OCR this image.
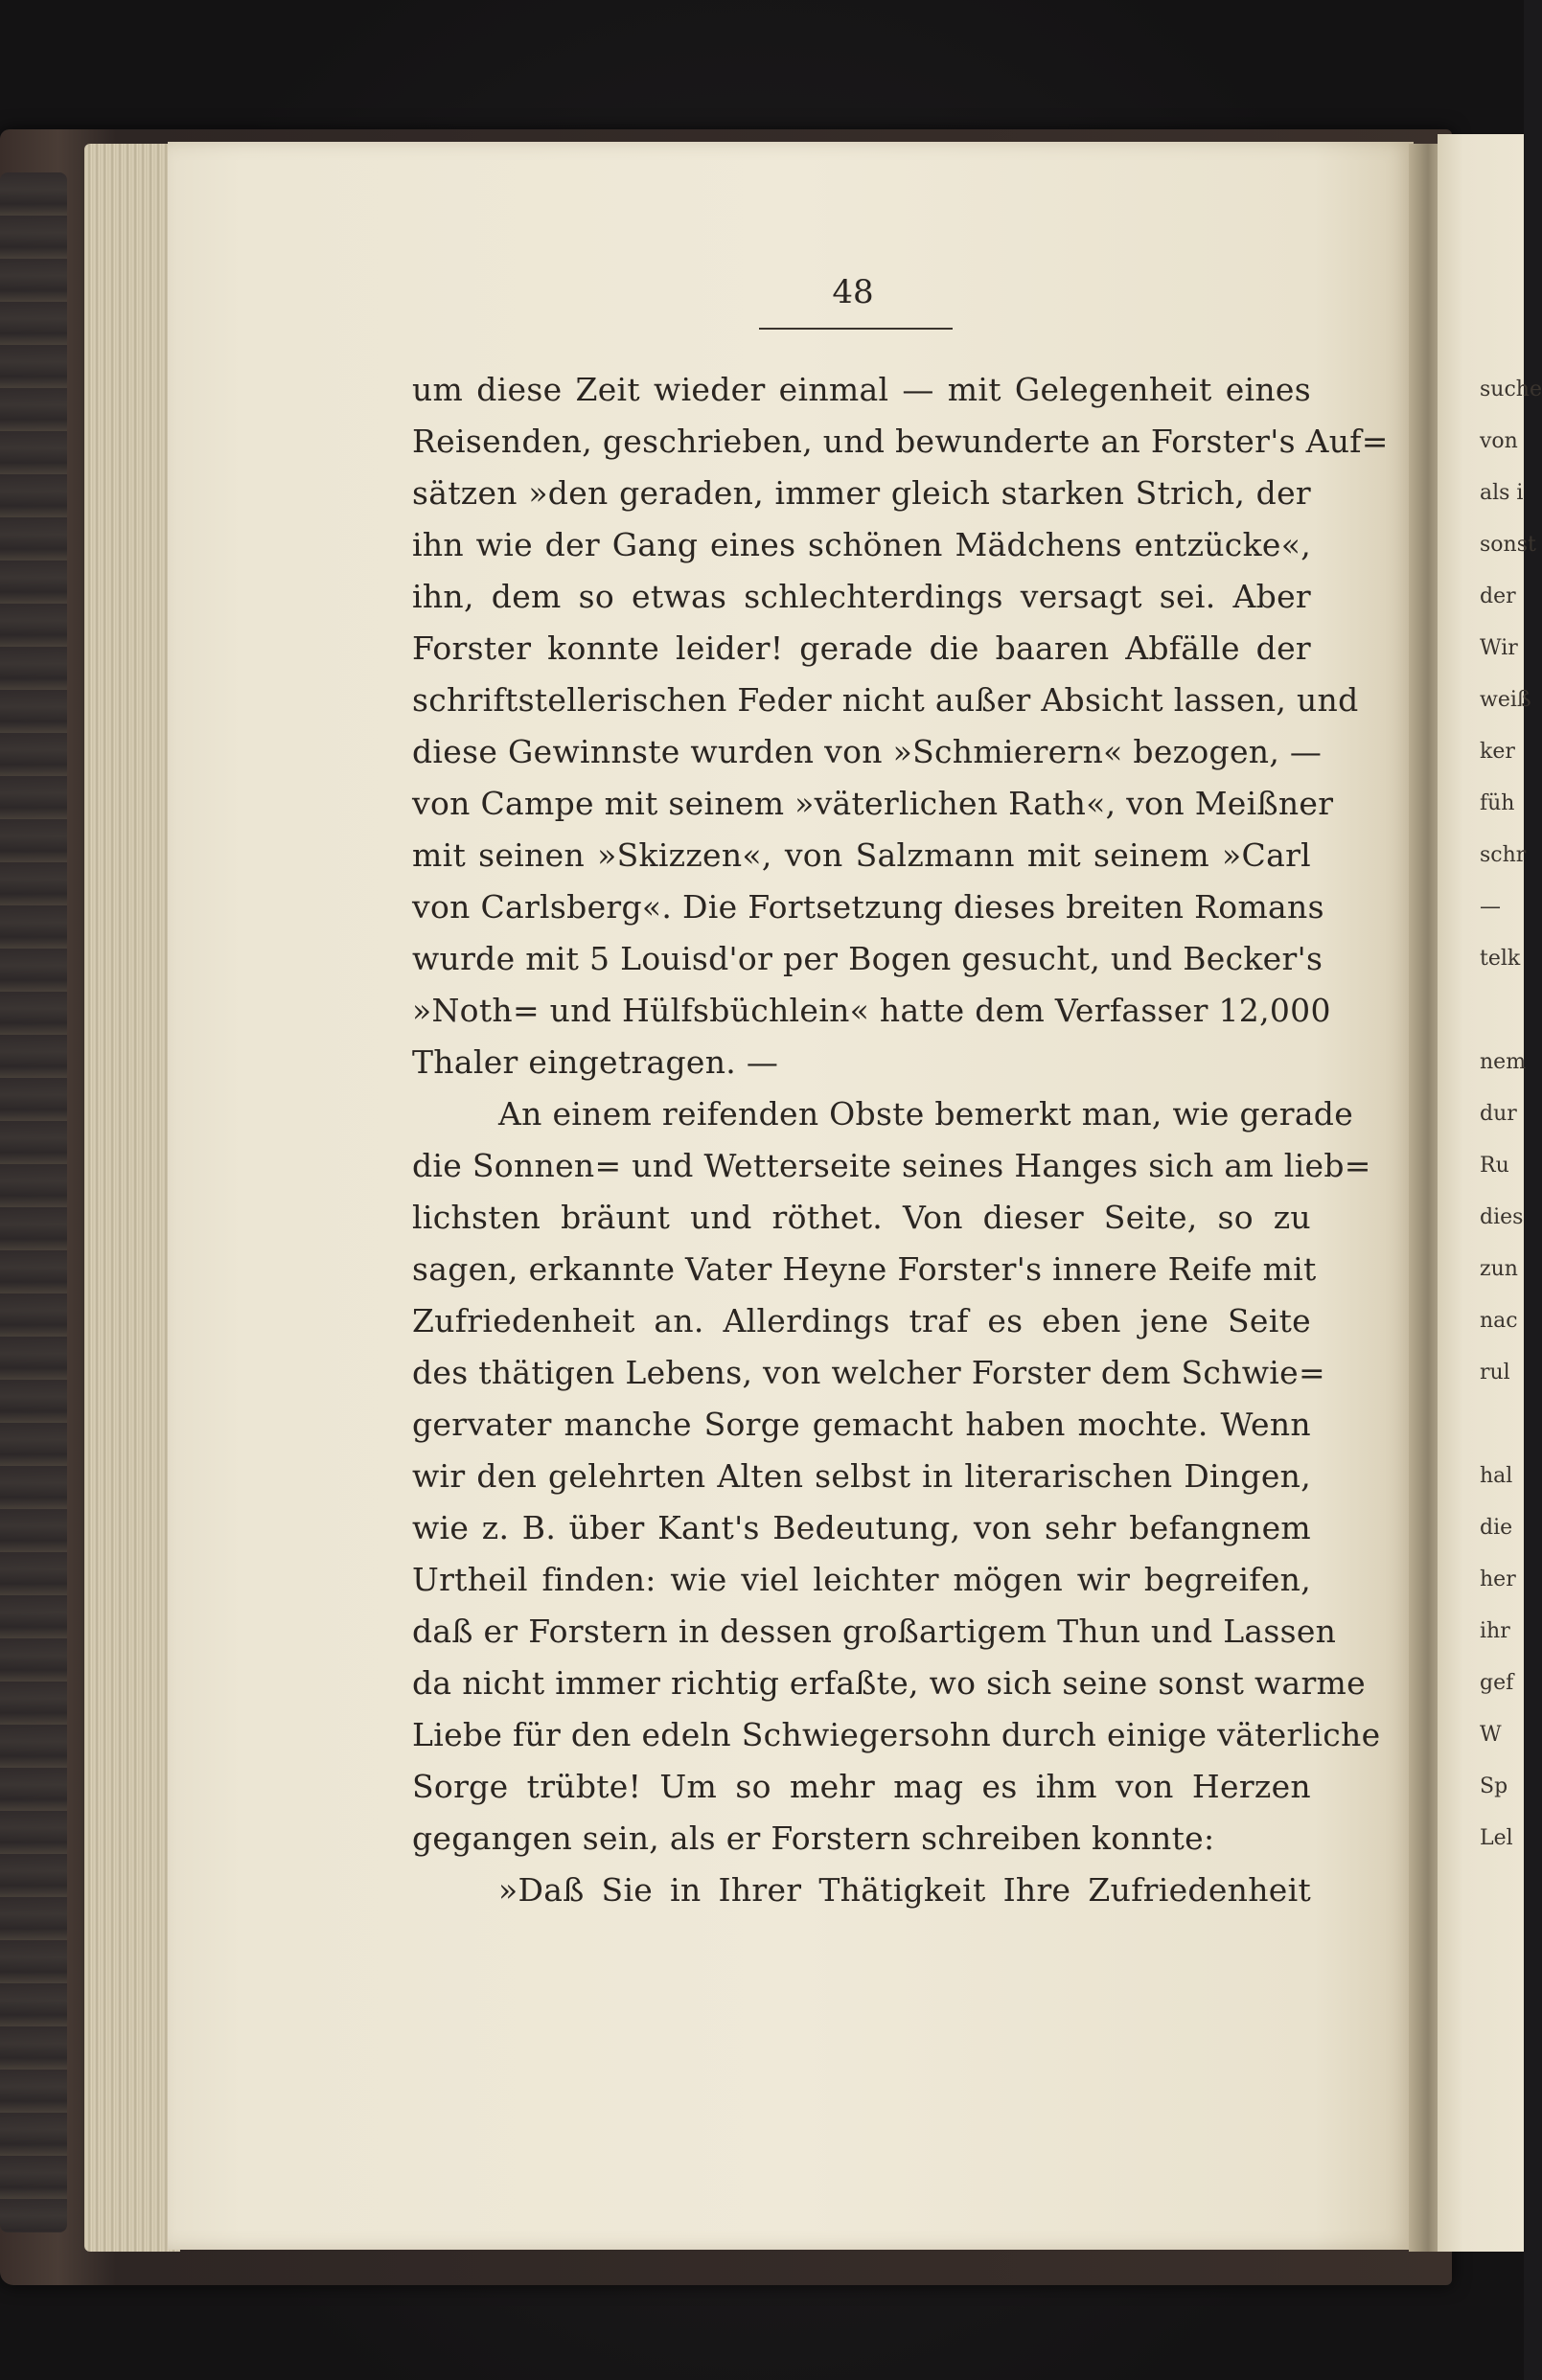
48
um diese Zeit wieder einmal — mit Gelegenheit eines
Reisenden, geschrieben, und bewunderte an Forster's Auf=
sätzen »den geraden, immer gleich starken Strich, der
ihn wie der Gang eines schönen Mädchens entzücke«,
ihn, dem so etwas schlechterdings versagt sei. Aber
Forster konnte leider! gerade die baaren Abfälle der
schriftstellerischen Feder nicht außer Absicht lassen, und
diese Gewinnste wurden von »Schmierern« bezogen, —
von Campe mit seinem »väterlichen Rath«, von Meißner
mit seinen »Skizzen«, von Salzmann mit seinem »Carl
von Carlsberg«. Die Fortsetzung dieses breiten Romans
wurde mit 5 Louisd'or per Bogen gesucht, und Becker's
»Noth= und Hülfsbüchlein« hatte dem Verfasser 12,000
Thaler eingetragen. —
An einem reifenden Obste bemerkt man, wie gerade
die Sonnen= und Wetterseite seines Hanges sich am lieb=
lichsten bräunt und röthet. Von dieser Seite, so zu
sagen, erkannte Vater Heyne Forster's innere Reife mit
Zufriedenheit an. Allerdings traf es eben jene Seite
des thätigen Lebens, von welcher Forster dem Schwie=
gervater manche Sorge gemacht haben mochte. Wenn
wir den gelehrten Alten selbst in literarischen Dingen,
wie z. B. über Kant's Bedeutung, von sehr befangnem
Urtheil finden: wie viel leichter mögen wir begreifen,
daß er Forstern in dessen großartigem Thun und Lassen
da nicht immer richtig erfaßte, wo sich seine sonst warme
Liebe für den edeln Schwiegersohn durch einige väterliche
Sorge trübte! Um so mehr mag es ihm von Herzen
gegangen sein, als er Forstern schreiben konnte:
»Daß Sie in Ihrer Thätigkeit Ihre Zufriedenheit
suche
von
als i
sonst
der
Wir
weiß
ker
füh
schr
—
telk
nem
dur
Ru
dies
zun
nac
rul
hal
die
her
ihr
gef
W
Sp
Lel
